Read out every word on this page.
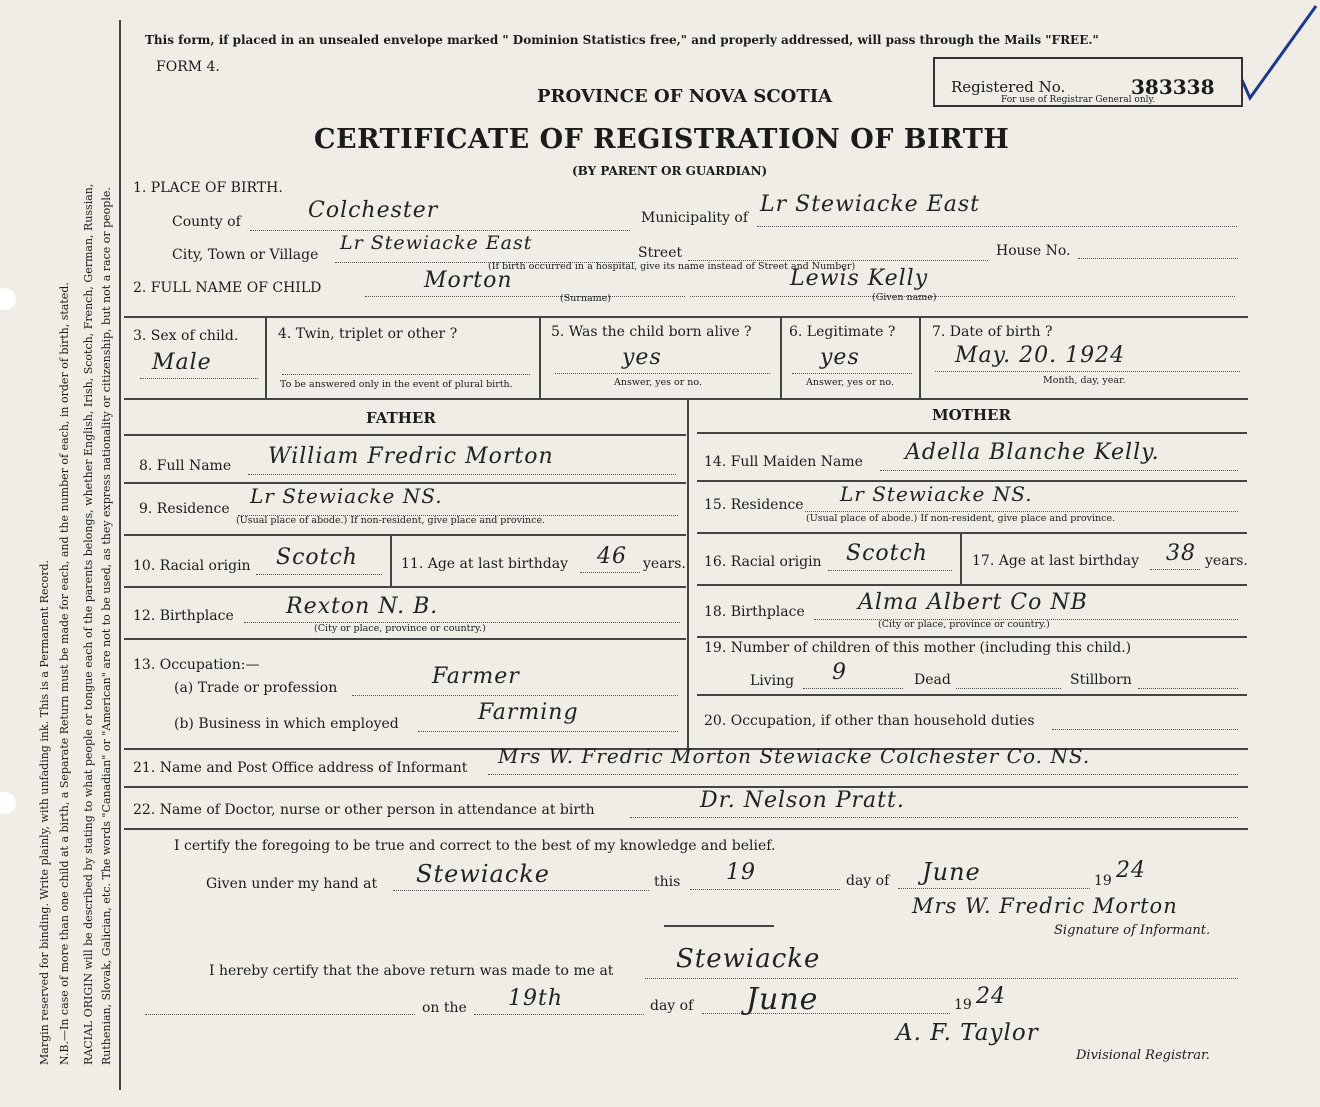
Margin reserved for binding. Write plainly, with unfading ink. This is a Permanent Record. N.B.—In case of more than one child at a birth, a Separate Return must be made for each, and the number of each, in order of birth, stated. RACIAL ORIGIN will be described by stating to what people or tongue each of the parents belongs, whether English, Irish, Scotch, French, German, Russian, Ruthenian, Slovak, Galician, etc. The words "Canadian" or "American" are not to be used, as they express nationality or citizenship, but not a race or people.
This form, if placed in an unsealed envelope marked " Dominion Statistics free," and properly addressed, will pass through the Mails "FREE."
FORM 4.
PROVINCE OF NOVA SCOTIA
CERTIFICATE OF REGISTRATION OF BIRTH
(BY PARENT OR GUARDIAN)
Registered No.	383338
For use of Registrar General only.
1. PLACE OF BIRTH.
County of	Colchester	Municipality of
Lr Stewiacke East
City, Town or Village
Lr Stewiacke East	Street	House No.
(If birth occurred in a hospital, give its name instead of Street and Number)
2. FULL NAME OF CHILD	Morton
(Surname)
Lewis Kelly
(Given name)
3. Sex of child.
Male
4. Twin, triplet or other ?
To be answered only in the event of plural birth.
5. Was the child born alive ?
yes
Answer, yes or no.
6. Legitimate ?
yes
Answer, yes or no.
7. Date of birth ?
May. 20. 1924
Month, day, year.
FATHER	MOTHER
8. Full Name William Fredric Morton
9. Residence
Lr Stewiacke NS.
(Usual place of abode.) If non-resident, give place and province.
10. Racial origin Scotch	11. Age at last birthday 46 years.
12. Birthplace Rexton N. B.
(City or place, province or country.)
13. Occupation:—
(a) Trade or profession	Farmer
(b) Business in which employed	Farming
14. Full Maiden Name Adella Blanche Kelly.
15. Residence Lr Stewiacke NS.
(Usual place of abode.) If non-resident, give place and province.
16. Racial origin Scotch	17. Age at last birthday 38 years.
18. Birthplace Alma Albert Co NB
(City or place, province or country.)
19. Number of children of this mother (including this child.)
Living 9	Dead	Stillborn
20. Occupation, if other than household duties
21. Name and Post Office address of Informant Mrs W. Fredric Morton Stewiacke Colchester Co. NS.
22. Name of Doctor, nurse or other person in attendance at birth	Dr. Nelson Pratt.
I certify the foregoing to be true and correct to the best of my knowledge and belief.
Given under my hand at Stewiacke	this 19	day of June	19 24
Mrs W. Fredric Morton
Signature of Informant.
I hereby certify that the above return was made to me at Stewiacke
on the 19th	day of June	19 24
A. F. Taylor
Divisional Registrar.
